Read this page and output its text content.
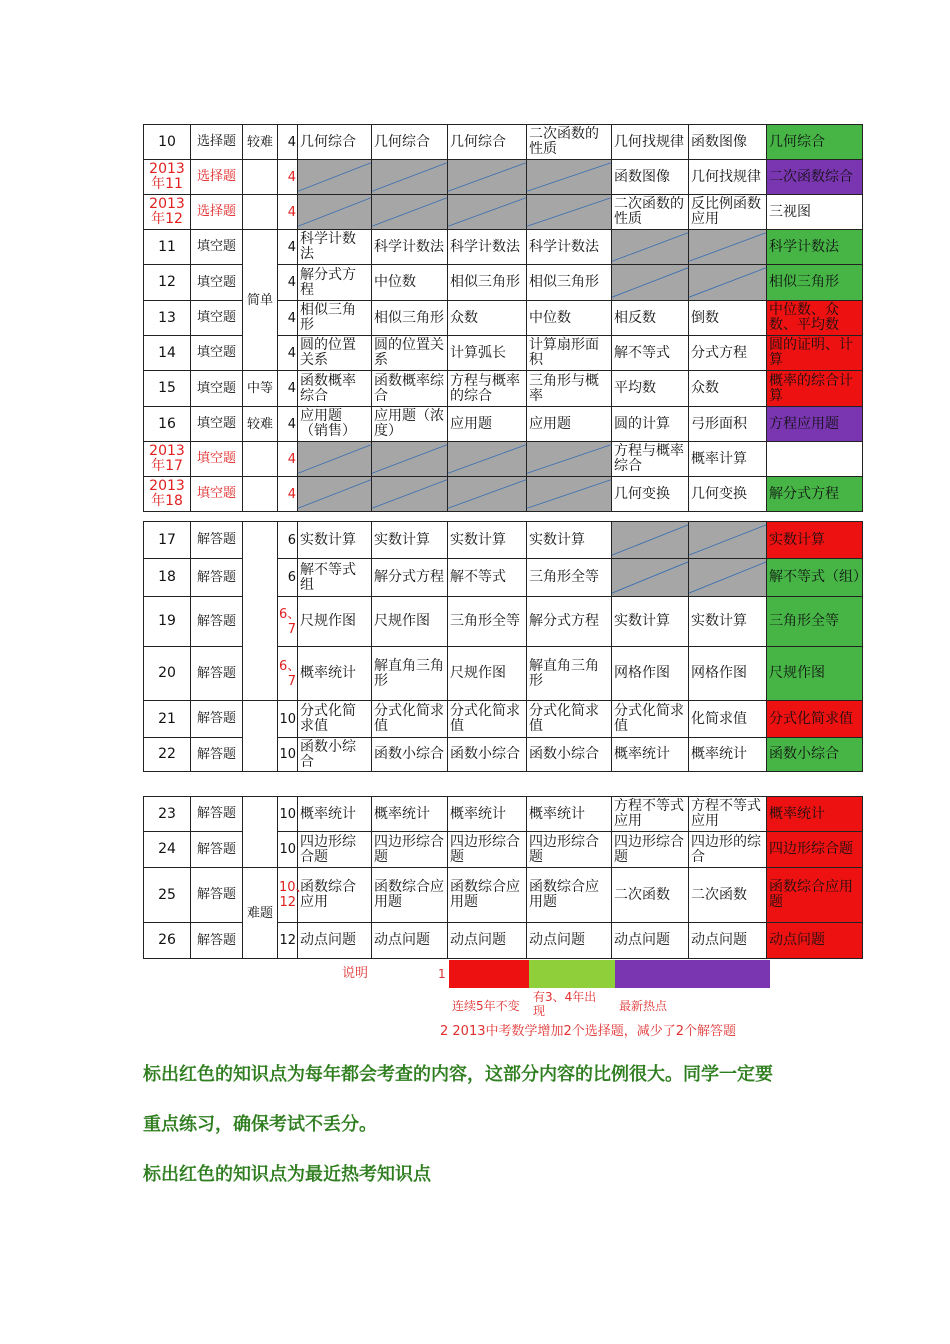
10	选择题	较难	4	几何综合	几何综合	几何综合	二次函数的性质	几何找规律	函数图像	几何综合
2013年11	选择题		4					函数图像	几何找规律	二次函数综合
2013年12	选择题		4					二次函数的性质	反比例函数应用	三视图
11	填空题	简单	4	科学计数法	科学计数法	科学计数法	科学计数法			科学计数法
12	填空题		4	解分式方程	中位数	相似三角形	相似三角形			相似三角形
13	填空题		4	相似三角形	相似三角形	众数	中位数	相反数	倒数	中位数、众数、平均数
14	填空题		4	圆的位置关系	圆的位置关系	计算弧长	计算扇形面积	解不等式	分式方程	圆的证明、计算
15	填空题	中等	4	函数概率综合	函数概率综合	方程与概率的综合	三角形与概率	平均数	众数	概率的综合计算
16	填空题	较难	4	应用题（销售）	应用题（浓度）	应用题	应用题	圆的计算	弓形面积	方程应用题
2013年17	填空题		4					方程与概率综合	概率计算	
2013年18	填空题		4					几何变换	几何变换	解分式方程
17	解答题		6	实数计算	实数计算	实数计算	实数计算			实数计算
18	解答题		6	解不等式组	解分式方程	解不等式	三角形全等			解不等式（组）
19	解答题		6、7	尺规作图	尺规作图	三角形全等	解分式方程	实数计算	实数计算	三角形全等
20	解答题		6、7	概率统计	解直角三角形	尺规作图	解直角三角形	网格作图	网格作图	尺规作图
21	解答题		10	分式化简求值	分式化简求值	分式化简求值	分式化简求值	分式化简求值	化简求值	分式化简求值
22	解答题		10	函数小综合	函数小综合	函数小综合	函数小综合	概率统计	概率统计	函数小综合
23	解答题		10	概率统计	概率统计	概率统计	概率统计	方程不等式应用	方程不等式应用	概率统计
24	解答题		10	四边形综合题	四边形综合题	四边形综合题	四边形综合题	四边形综合题	四边形的综合	四边形综合题
25	解答题	难题	10、12	函数综合应用	函数综合应用题	函数综合应用题	函数综合应用题	二次函数	二次函数	函数综合应用题
26	解答题		12	动点问题	动点问题	动点问题	动点问题	动点问题	动点问题	动点问题
说明	1
连续5年不变
有3、4年出现	最新热点
2 2013中考数学增加2个选择题，减少了2个解答题
标出红色的知识点为每年都会考查的内容，这部分内容的比例很大。同学一定要
重点练习，确保考试不丢分。
标出红色的知识点为最近热考知识点
